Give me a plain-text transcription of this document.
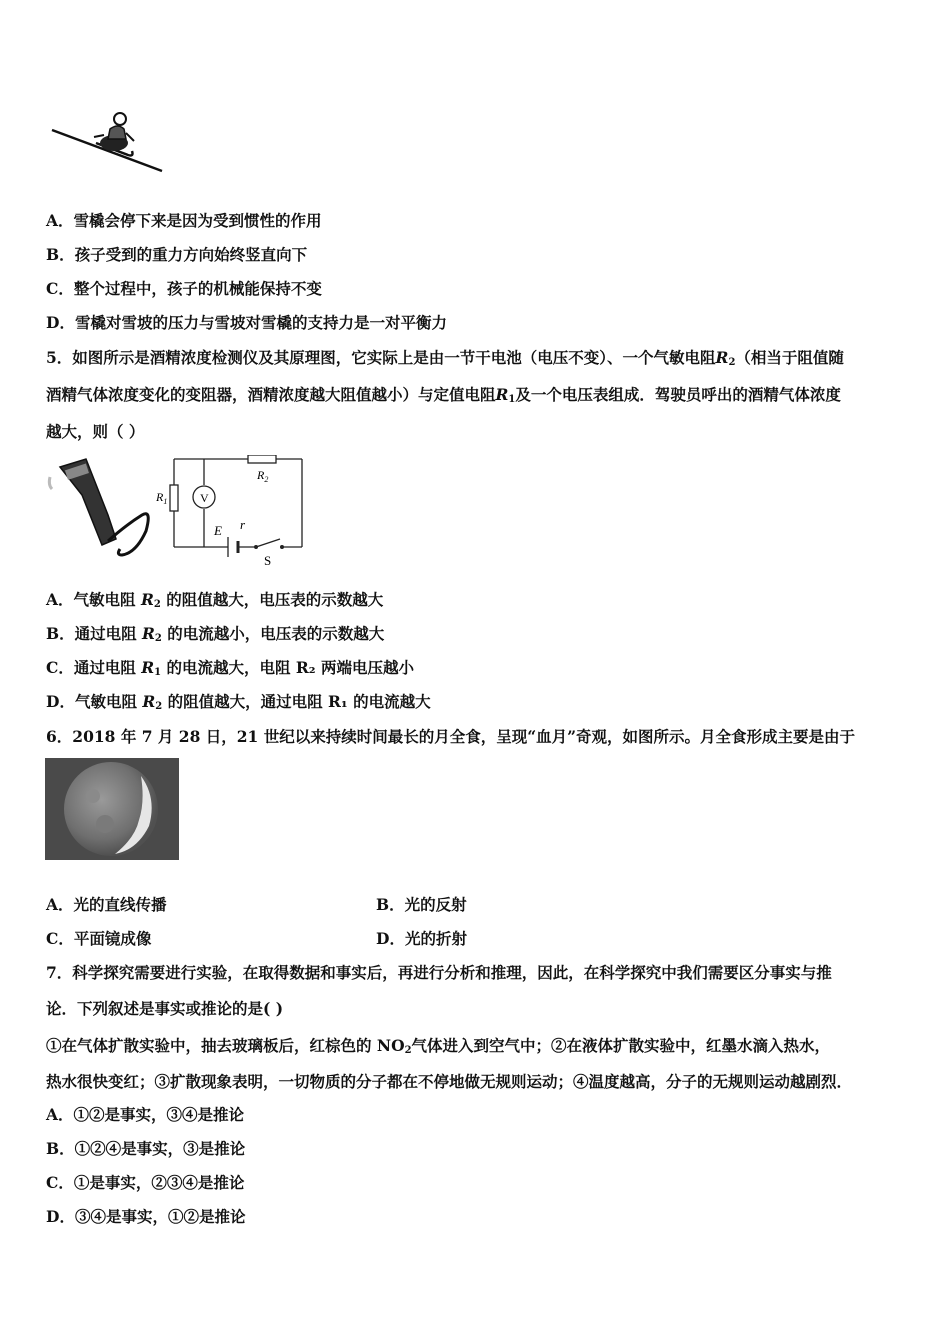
A．雪橇会停下来是因为受到惯性的作用
B．孩子受到的重力方向始终竖直向下
C．整个过程中，孩子的机械能保持不变
D．雪橇对雪坡的压力与雪坡对雪橇的支持力是一对平衡力
5．如图所示是酒精浓度检测仪及其原理图，它实际上是由一节干电池（电压不变）、一个气敏电阻$R_2$（相当于阻值随
酒精气体浓度变化的变阻器，酒精浓度越大阻值越小）与定值电阻$R_1$及一个电压表组成．驾驶员呼出的酒精气体浓度
越大，则（ ）
V
$R_2$
$R_1$
E r
S
A．气敏电阻 $R_2$ 的阻值越大，电压表的示数越大
B．通过电阻 $R_2$ 的电流越小，电压表的示数越大
C．通过电阻 $R_1$ 的电流越大，电阻 R₂ 两端电压越小
D．气敏电阻 $R_2$ 的阻值越大，通过电阻 R₁ 的电流越大
6．2018 年 7 月 28 日，21 世纪以来持续时间最长的月全食，呈现“血月”奇观，如图所示。月全食形成主要是由于
A．光的直线传播	B．光的反射
C．平面镜成像	D．光的折射
7．科学探究需要进行实验，在取得数据和事实后，再进行分析和推理，因此，在科学探究中我们需要区分事实与推
论．下列叙述是事实或推论的是( )
①在气体扩散实验中，抽去玻璃板后，红棕色的 $NO_2$气体进入到空气中；②在液体扩散实验中，红墨水滴入热水，
热水很快变红；③扩散现象表明，一切物质的分子都在不停地做无规则运动；④温度越高，分子的无规则运动越剧烈．
A．①②是事实，③④是推论
B．①②④是事实，③是推论
C．①是事实，②③④是推论
D．③④是事实，①②是推论
